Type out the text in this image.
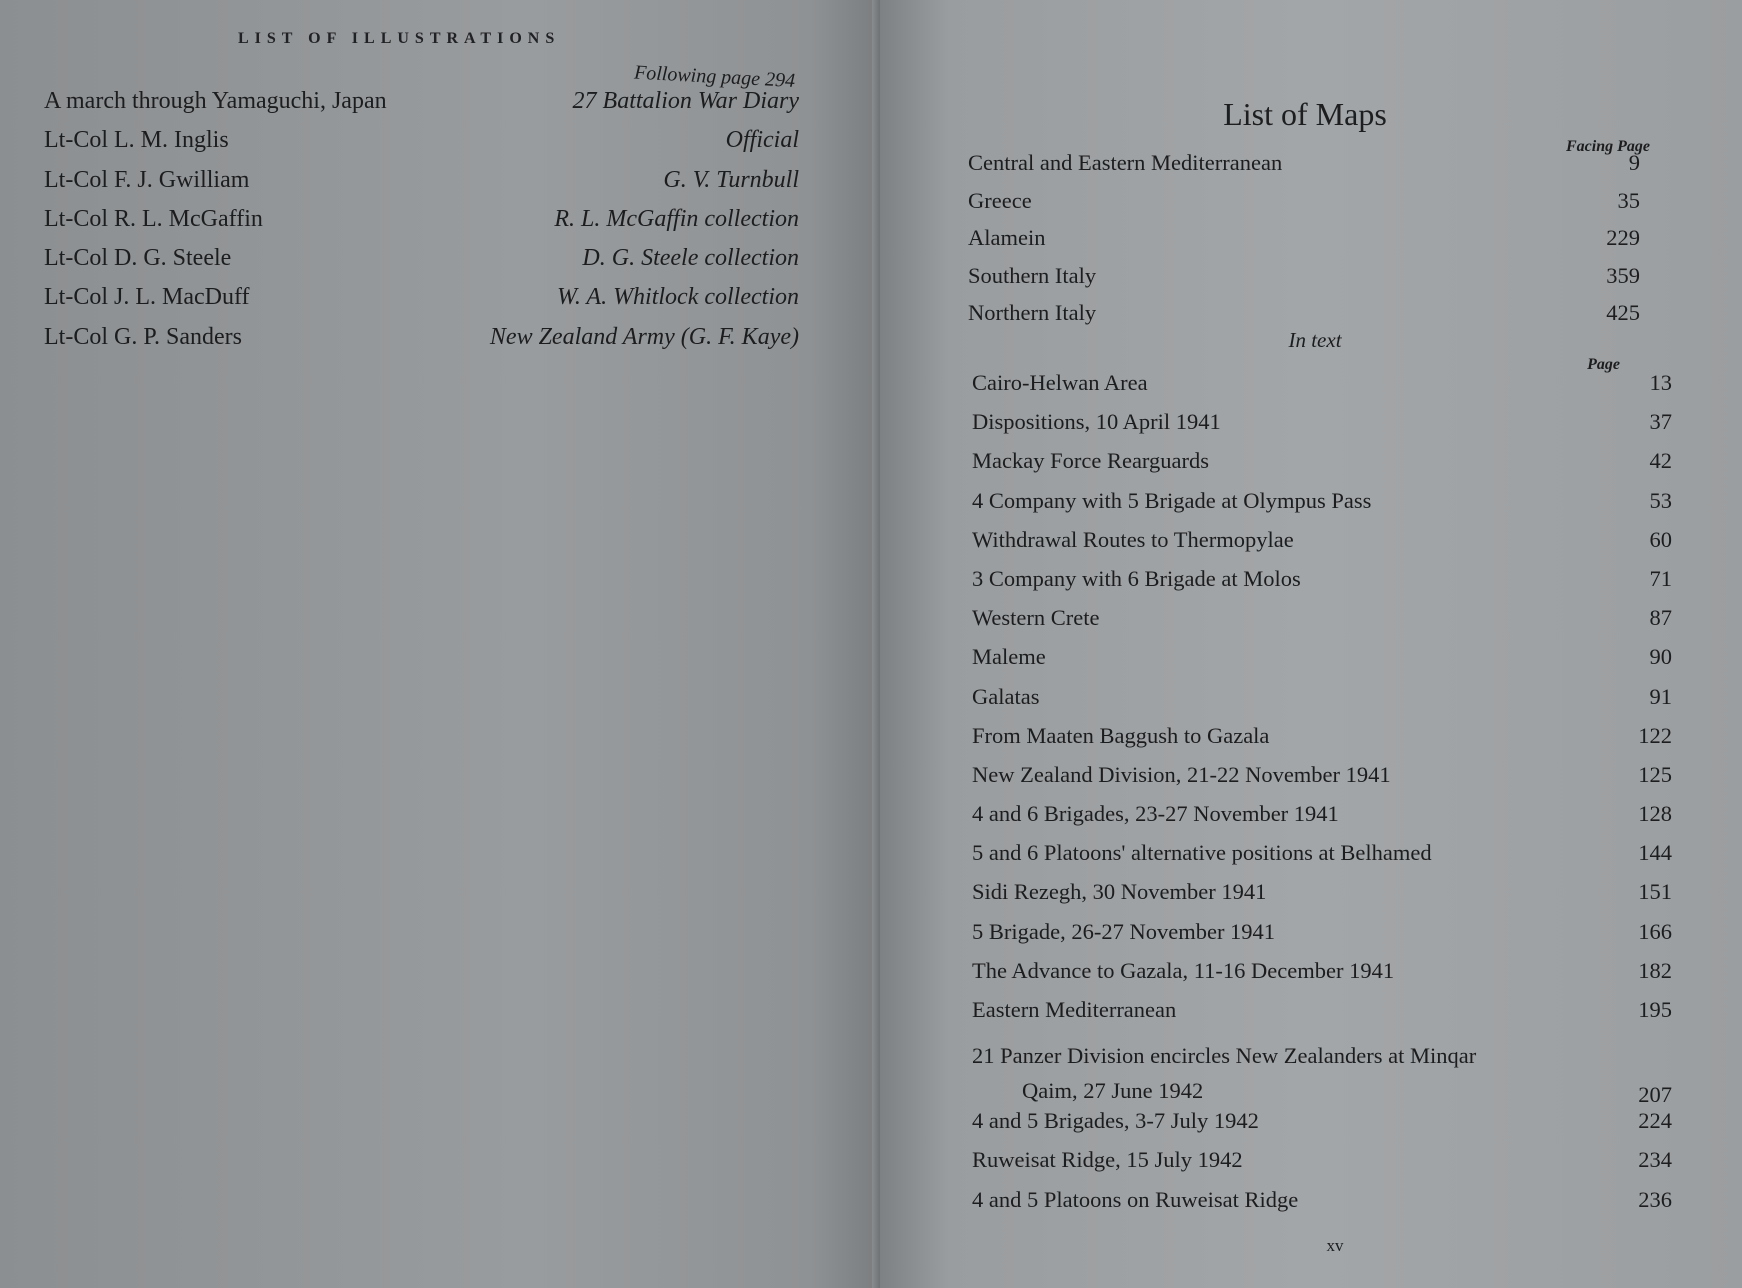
LIST OF ILLUSTRATIONS
Following page 294
A march through Yamaguchi, Japan	27 Battalion War Diary
Lt-Col L. M. Inglis	Official
Lt-Col F. J. Gwilliam	G. V. Turnbull
Lt-Col R. L. McGaffin	R. L. McGaffin collection
Lt-Col D. G. Steele	D. G. Steele collection
Lt-Col J. L. MacDuff	W. A. Whitlock collection
Lt-Col G. P. Sanders	New Zealand Army (G. F. Kaye)
List of Maps
Facing Page
Central and Eastern Mediterranean	9
Greece	35
Alamein	229
Southern Italy	359
Northern Italy	425
In text
Page
Cairo-Helwan Area	13
Dispositions, 10 April 1941	37
Mackay Force Rearguards	42
4 Company with 5 Brigade at Olympus Pass	53
Withdrawal Routes to Thermopylae	60
3 Company with 6 Brigade at Molos	71
Western Crete	87
Maleme	90
Galatas	91
From Maaten Baggush to Gazala	122
New Zealand Division, 21-22 November 1941	125
4 and 6 Brigades, 23-27 November 1941	128
5 and 6 Platoons' alternative positions at Belhamed	144
Sidi Rezegh, 30 November 1941	151
5 Brigade, 26-27 November 1941	166
The Advance to Gazala, 11-16 December 1941	182
Eastern Mediterranean	195
21 Panzer Division encircles New Zealanders at Minqar
Qaim, 27 June 1942	207
4 and 5 Brigades, 3-7 July 1942	224
Ruweisat Ridge, 15 July 1942	234
4 and 5 Platoons on Ruweisat Ridge	236
xv
